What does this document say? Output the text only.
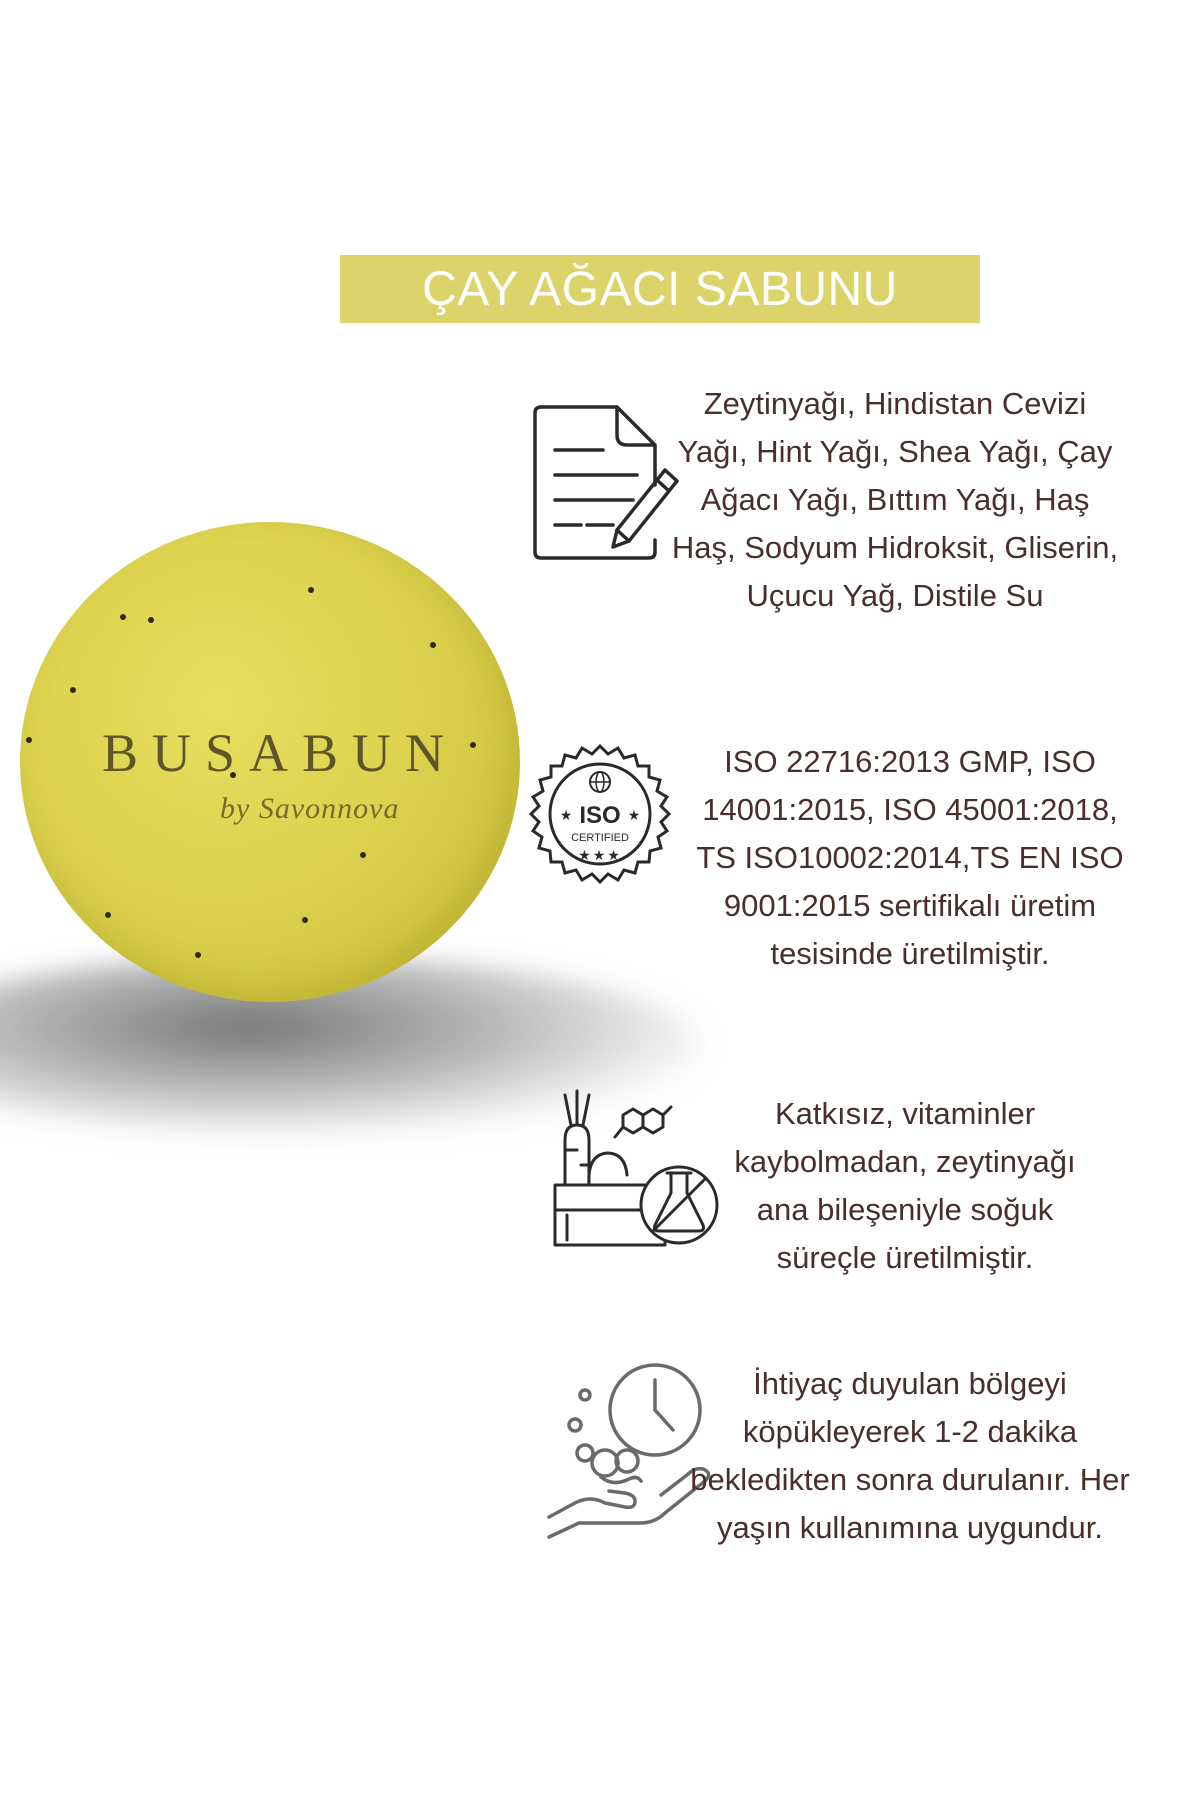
ÇAY AĞACI SABUNU
BUSABUN
by Savonnova
Zeytinyağı, Hindistan Cevizi Yağı, Hint Yağı, Shea Yağı, Çay Ağacı Yağı, Bıttım Yağı, Haş Haş, Sodyum Hidroksit, Gliserin, Uçucu Yağ, Distile Su
ISO
★	★
CERTIFIED
★★★
ISO 22716:2013 GMP, ISO 14001:2015, ISO 45001:2018, TS ISO10002:2014,TS EN ISO 9001:2015 sertifikalı üretim tesisinde üretilmiştir.
Katkısız, vitaminler kaybolmadan, zeytinyağı ana bileşeniyle soğuk süreçle üretilmiştir.
İhtiyaç duyulan bölgeyi köpükleyerek 1-2 dakika bekledikten sonra durulanır. Her yaşın kullanımına uygundur.
